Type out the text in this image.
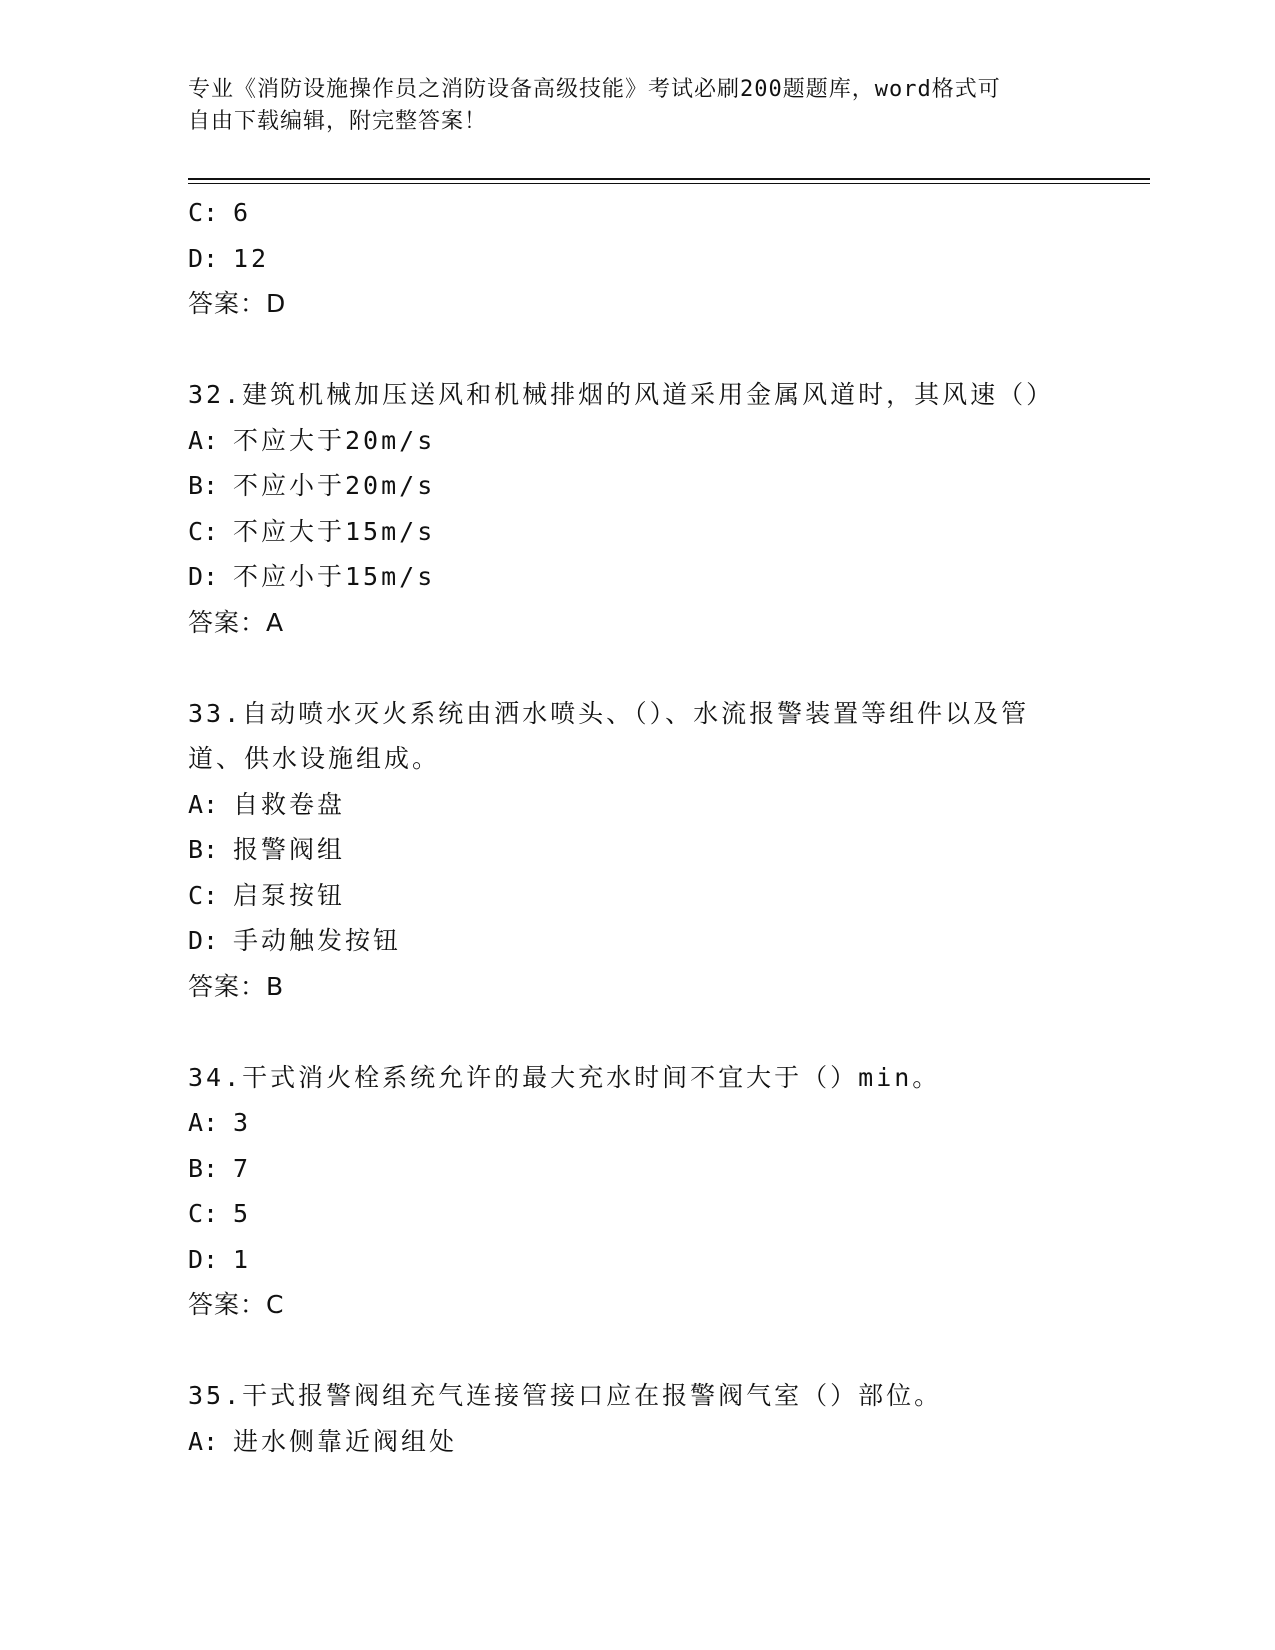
专业《消防设施操作员之消防设备高级技能》考试必刷200题题库，word格式可
自由下载编辑，附完整答案！
C: 6
D: 12
答案：D
32.建筑机械加压送风和机械排烟的风道采用金属风道时，其风速（）
A: 不应大于20m/s
B: 不应小于20m/s
C: 不应大于15m/s
D: 不应小于15m/s
答案：A
33.自动喷水灭火系统由洒水喷头、（）、水流报警装置等组件以及管
道、供水设施组成。
A: 自救卷盘
B: 报警阀组
C: 启泵按钮
D: 手动触发按钮
答案：B
34.干式消火栓系统允许的最大充水时间不宜大于（）min。
A: 3
B: 7
C: 5
D: 1
答案：C
35.干式报警阀组充气连接管接口应在报警阀气室（）部位。
A: 进水侧靠近阀组处
